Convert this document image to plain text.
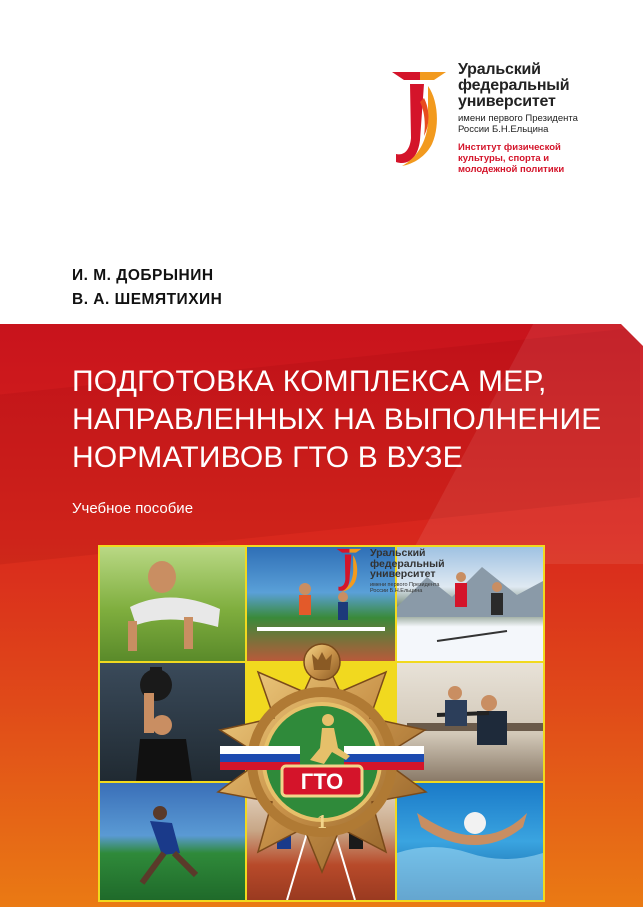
Уральский
федеральный
университет
имени первого Президента
России Б.Н.Ельцина
Институт физической
культуры, спорта и
молодежной политики
И. М. ДОБРЫНИН
В. А. ШЕМЯТИХИН
ПОДГОТОВКА КОМПЛЕКСА МЕР,
НАПРАВЛЕННЫХ НА ВЫПОЛНЕНИЕ
НОРМАТИВОВ ГТО В ВУЗЕ
Учебное пособие
Уральский
федеральный
университет
имени первого Президента
России Б.Н.Ельцина
ГТО
1
